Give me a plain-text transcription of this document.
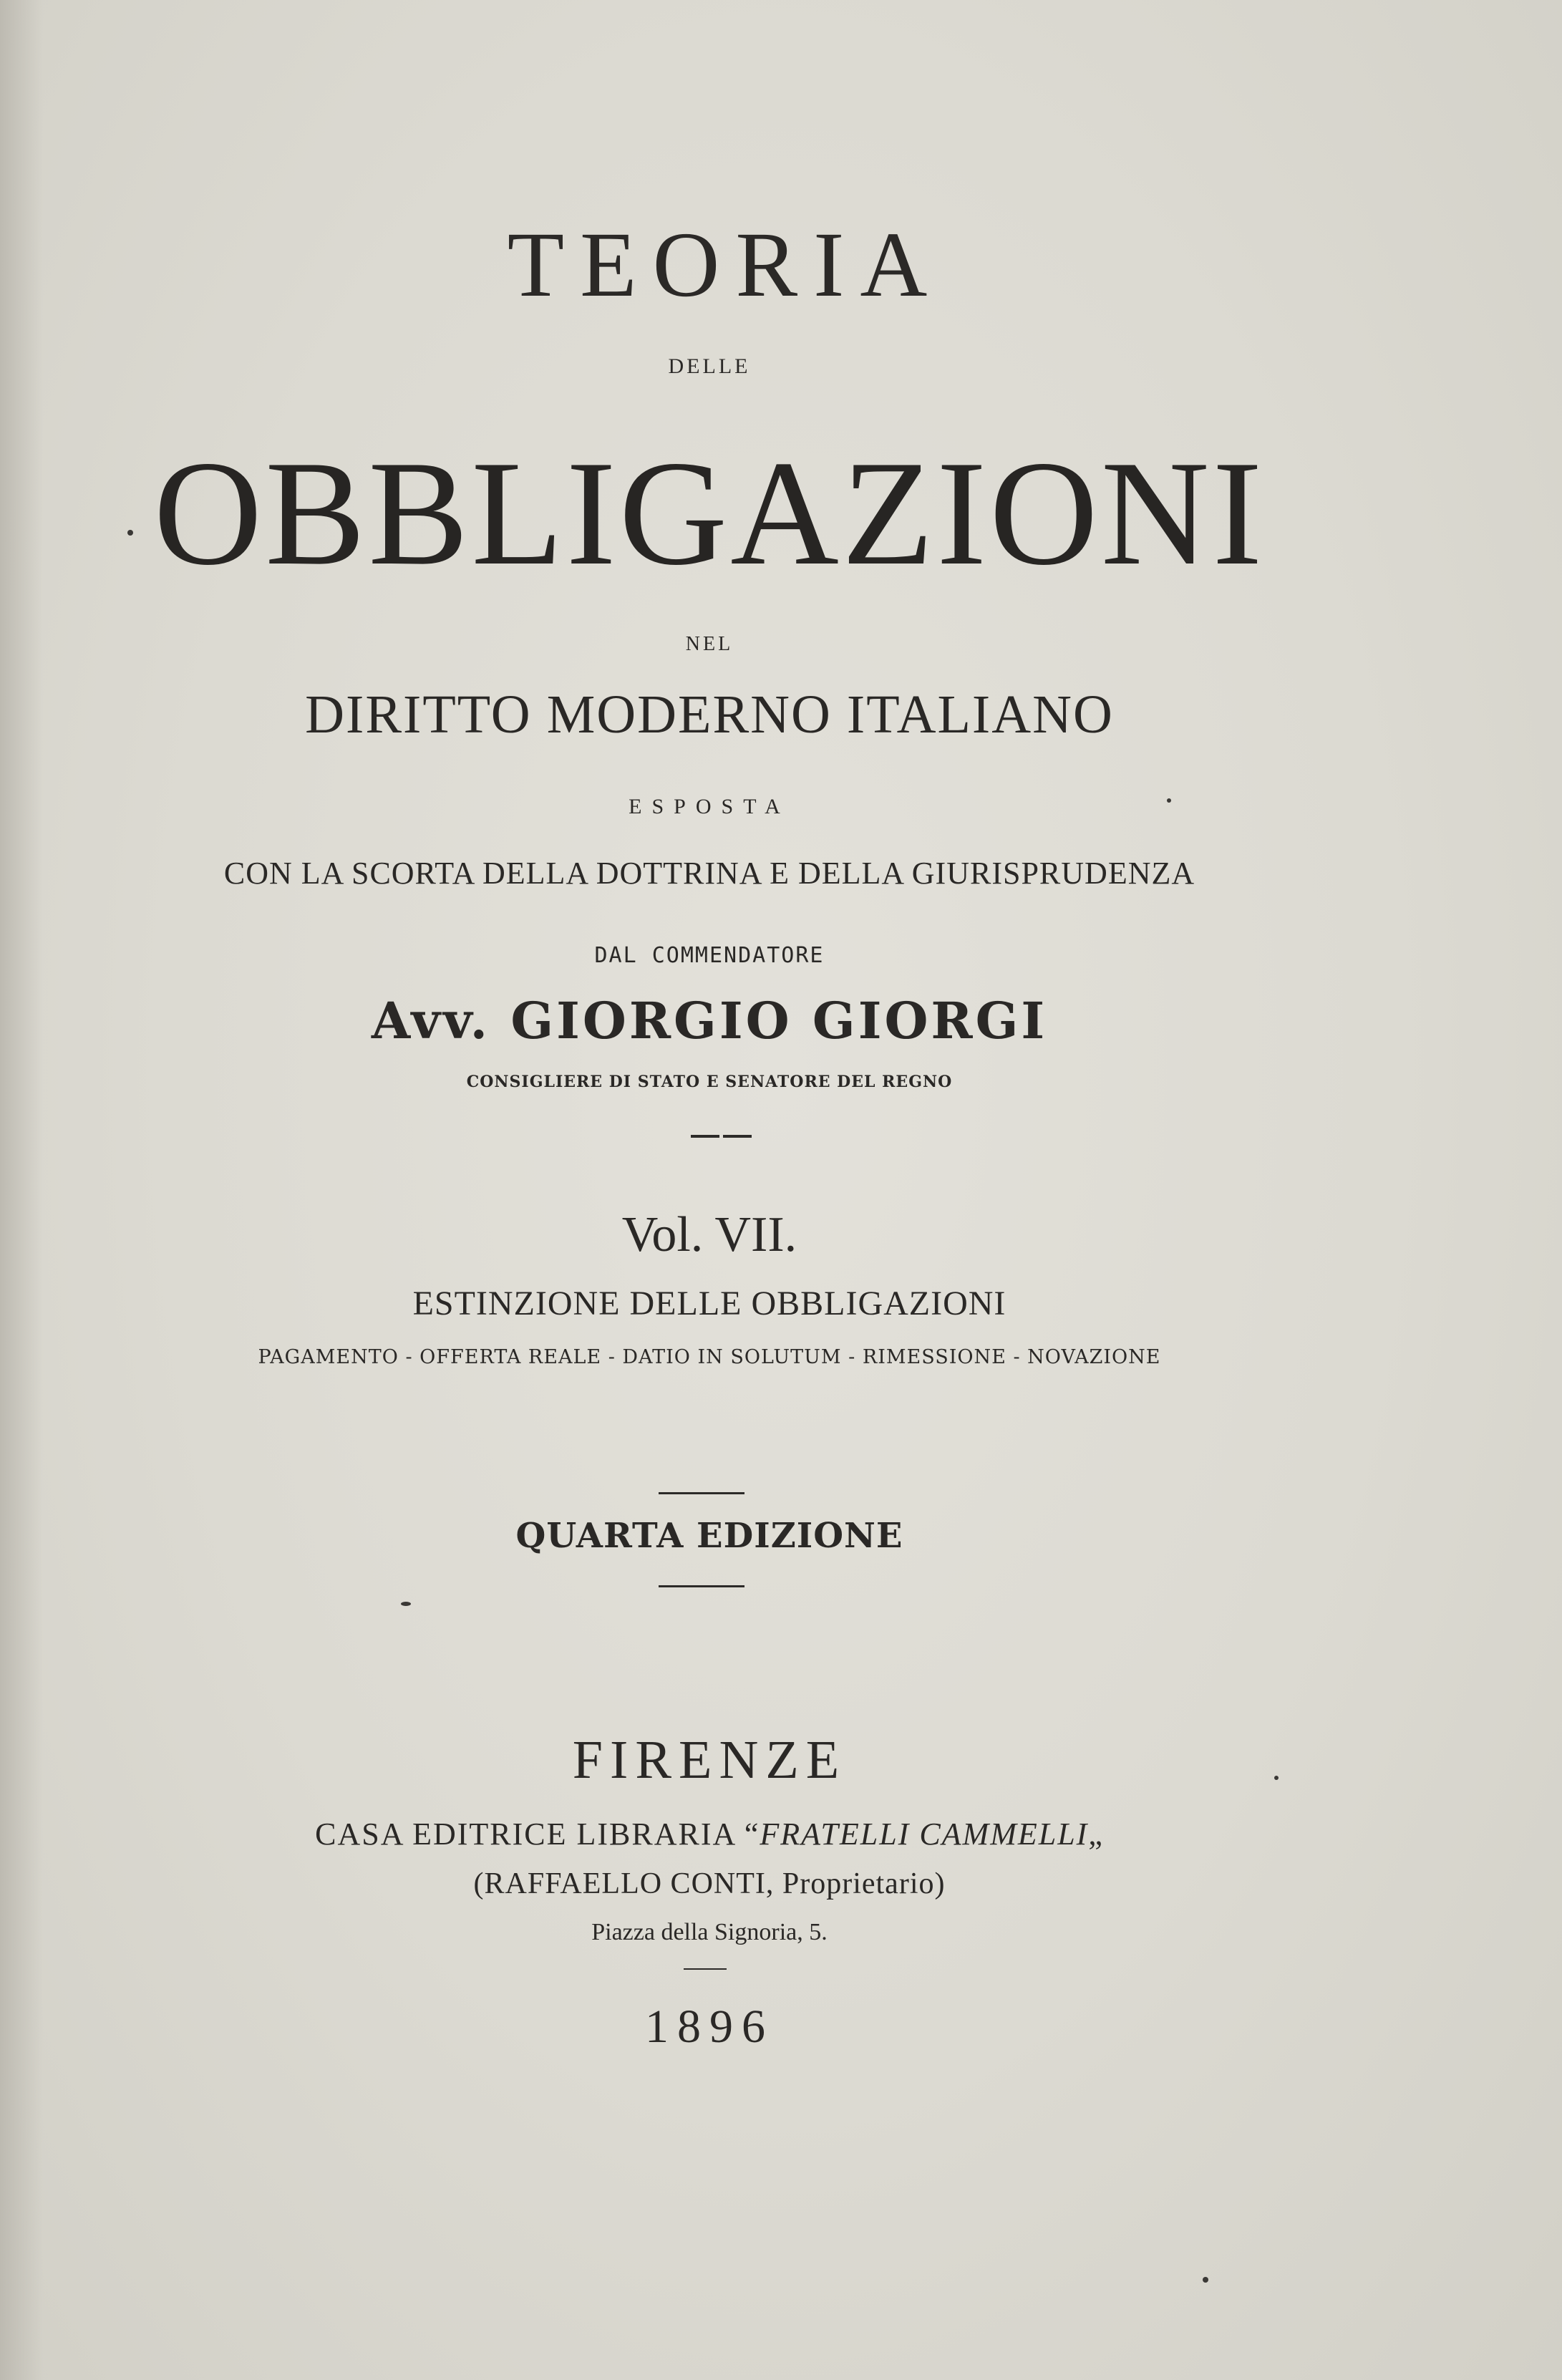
TEORIA
DELLE
OBBLIGAZIONI
NEL
DIRITTO MODERNO ITALIANO
ESPOSTA
CON LA SCORTA DELLA DOTTRINA E DELLA GIURISPRUDENZA
DAL COMMENDATORE
Avv. GIORGIO GIORGI
CONSIGLIERE DI STATO E SENATORE DEL REGNO
Vol. VII.
ESTINZIONE DELLE OBBLIGAZIONI
PAGAMENTO - OFFERTA REALE - DATIO IN SOLUTUM - RIMESSIONE - NOVAZIONE
QUARTA EDIZIONE
FIRENZE
CASA EDITRICE LIBRARIA “FRATELLI CAMMELLI„
(RAFFAELLO CONTI, Proprietario)
Piazza della Signoria, 5.
1896
